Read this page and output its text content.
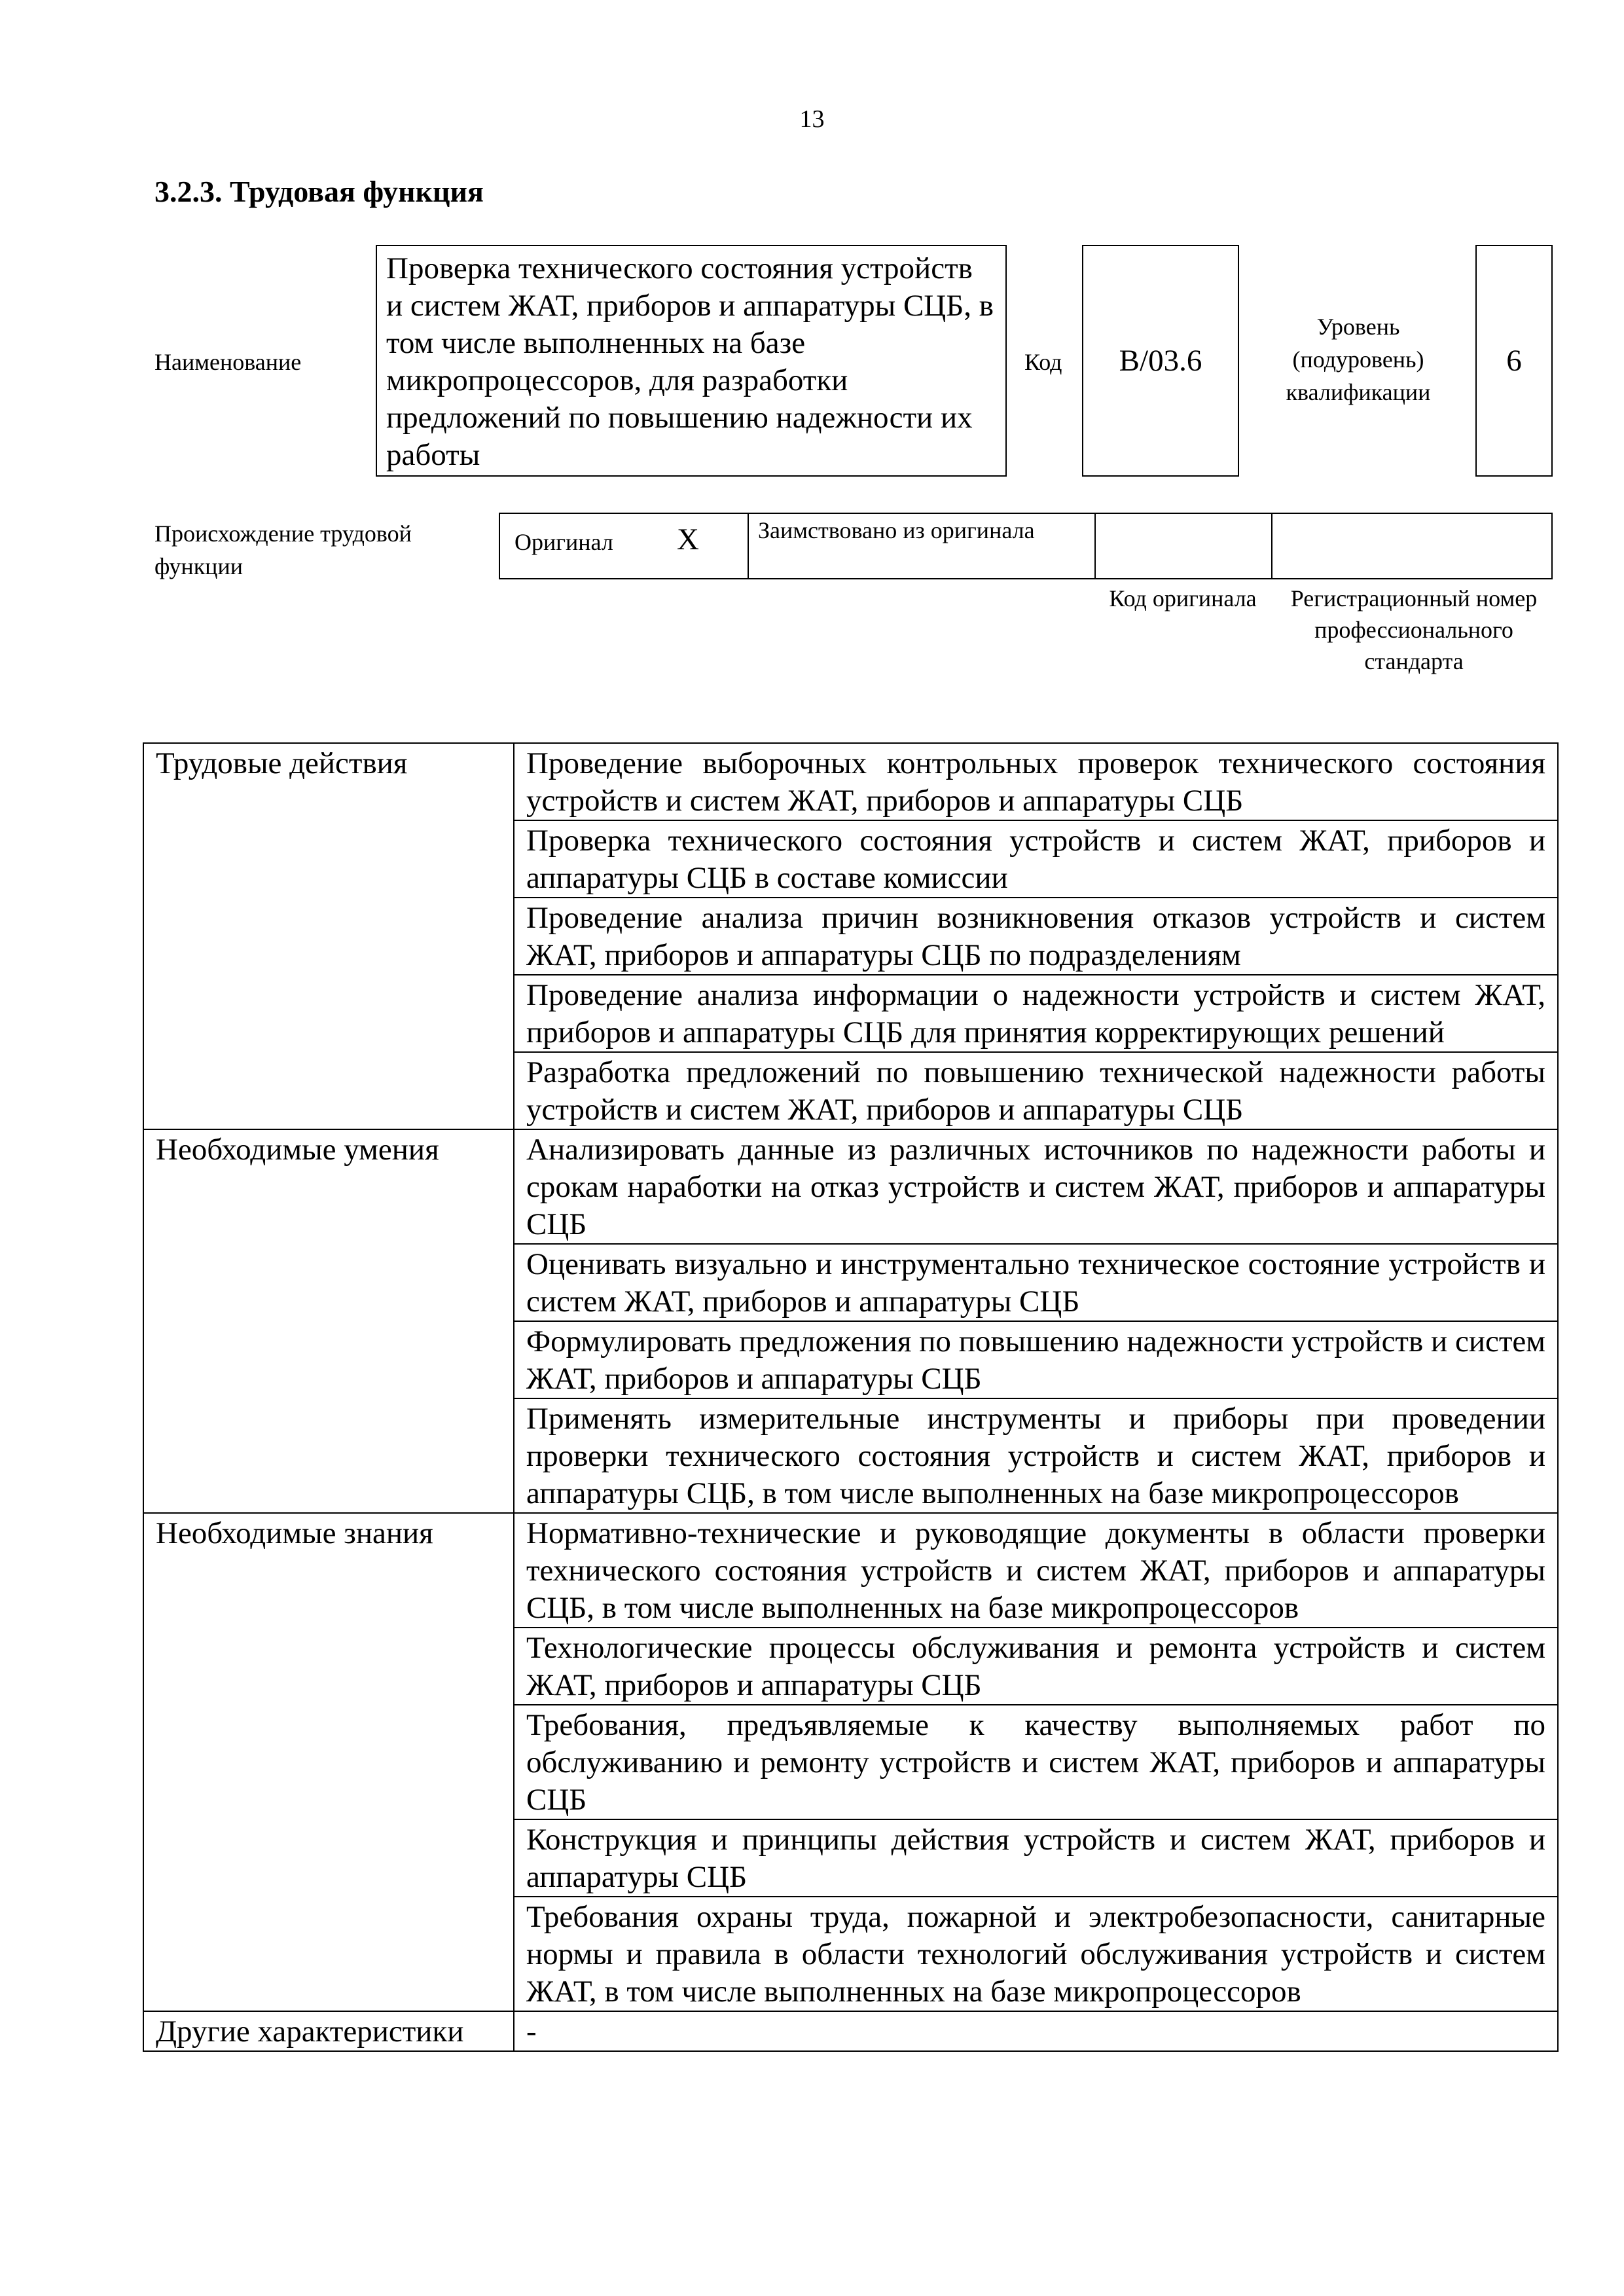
13
3.2.3. Трудовая функция
Наименование
Проверка технического состояния устройств и систем ЖАТ, приборов и аппаратуры СЦБ, в том числе выполненных на базе микропроцессоров, для разработки предложений по повышению надежности их работы
Код	B/03.6
Уровень (подуровень) квалификации
6
Происхождение трудовой функции
Оригинал X	Заимствовано из оригинала
Код оригинала	Регистрационный номер профессионального стандарта
Трудовые действия	Проведение выборочных контрольных проверок технического состояния устройств и систем ЖАТ, приборов и аппаратуры СЦБ
	Проверка технического состояния устройств и систем ЖАТ, приборов и аппаратуры СЦБ в составе комиссии
	Проведение анализа причин возникновения отказов устройств и систем ЖАТ, приборов и аппаратуры СЦБ по подразделениям
	Проведение анализа информации о надежности устройств и систем ЖАТ, приборов и аппаратуры СЦБ для принятия корректирующих решений
	Разработка предложений по повышению технической надежности работы устройств и систем ЖАТ, приборов и аппаратуры СЦБ
Необходимые умения	Анализировать данные из различных источников по надежности работы и срокам наработки на отказ устройств и систем ЖАТ, приборов и аппаратуры СЦБ
	Оценивать визуально и инструментально техническое состояние устройств и систем ЖАТ, приборов и аппаратуры СЦБ
	Формулировать предложения по повышению надежности устройств и систем ЖАТ, приборов и аппаратуры СЦБ
	Применять измерительные инструменты и приборы при проведении проверки технического состояния устройств и систем ЖАТ, приборов и аппаратуры СЦБ, в том числе выполненных на базе микропроцессоров
Необходимые знания	Нормативно-технические и руководящие документы в области проверки технического состояния устройств и систем ЖАТ, приборов и аппаратуры СЦБ, в том числе выполненных на базе микропроцессоров
	Технологические процессы обслуживания и ремонта устройств и систем ЖАТ, приборов и аппаратуры СЦБ
	Требования, предъявляемые к качеству выполняемых работ по обслуживанию и ремонту устройств и систем ЖАТ, приборов и аппаратуры СЦБ
	Конструкция и принципы действия устройств и систем ЖАТ, приборов и аппаратуры СЦБ
	Требования охраны труда, пожарной и электробезопасности, санитарные нормы и правила в области технологий обслуживания устройств и систем ЖАТ, в том числе выполненных на базе микропроцессоров
Другие характеристики	-
